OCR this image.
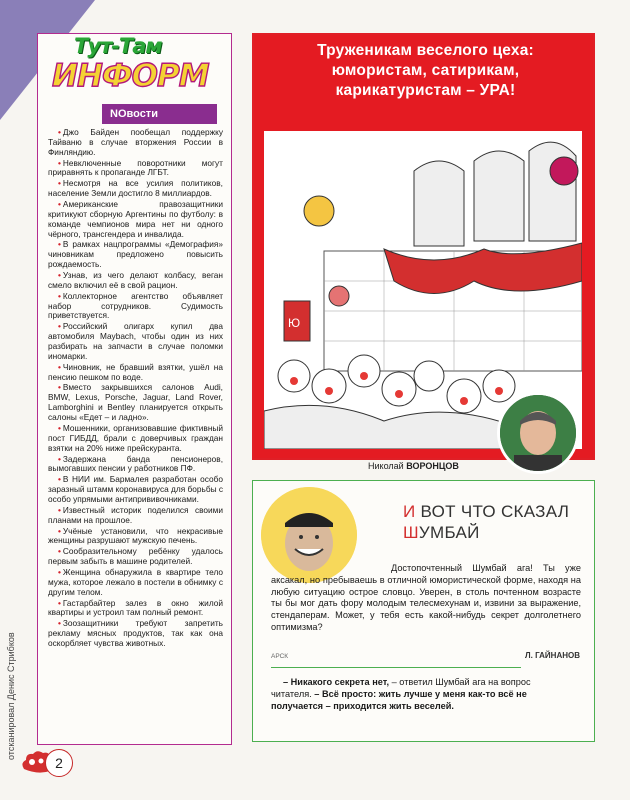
отсканировал Денис Стрибков
Тут-Там
ИНФОРМ
NOвости

• Джо Байден пообещал поддержку Тайваню в случае вторжения России в Финляндию.

• Невключенные поворотники могут приравнять к пропаганде ЛГБТ.

• Несмотря на все усилия политиков, население Земли достигло 8 миллиардов.

• Американские правозащитники критикуют сборную Аргентины по футболу: в команде чемпионов мира нет ни одного чёрного, трансгендера и инвалида.

• В рамках нацпрограммы «Демография» чиновникам предложено повысить рождаемость.

• Узнав, из чего делают колбасу, веган смело включил её в свой рацион.

• Коллекторное агентство объявляет набор сотрудников. Судимость приветствуется.

• Российский олигарх купил два автомобиля Maybach, чтобы один из них разбирать на запчасти в случае поломки иномарки.

• Чиновник, не бравший взятки, ушёл на пенсию пешком по воде.

• Вместо закрывшихся салонов Audi, BMW, Lexus, Porsche, Jaguar, Land Rover, Lamborghini и Bentley планируется открыть салоны «Едет – и ладно».

• Мошенники, организовавшие фиктивный пост ГИБДД, брали с доверчивых граждан взятки на 20% ниже прейскуранта.

• Задержана банда пенсионеров, вымогавших пенсии у работников ПФ.

• В НИИ им. Бармалея разработан особо заразный штамм коронавируса для борьбы с особо упрямыми антипрививочниками.

• Известный историк поделился своими планами на прошлое.

• Учёные установили, что некрасивые женщины разрушают мужскую печень.

• Сообразительному ребёнку удалось первым забыть в машине родителей.

• Женщина обнаружила в квартире тело мужа, которое лежало в постели в обнимку с другим телом.

• Гастарбайтер залез в окно жилой квартиры и устроил там полный ремонт.

• Зоозащитники требуют запретить рекламу мясных продуктов, так как она оскорбляет чувства животных.

2
Труженикам веселого цеха:
юмористам, сатирикам,
карикатуристам – УРА!
Ю
Николай ВОРОНЦОВ
И ВОТ ЧТО СКАЗАЛ
ШУМБАЙ
Достопочтенный Шумбай ага! Ты уже аксакал, но пребываешь в отличной юмористической форме, находя на любую ситуацию острое словцо. Уверен, в столь почтенном возрасте ты бы мог дать фору молодым телесмехунам и, извини за выражение, стендаперам. Может, у тебя есть какой-нибудь секрет долголетнего оптимизма?
АРСК	Л. ГАЙНАНОВ
– Никакого секрета нет, – ответил Шумбай ага на вопрос читателя. – Всё просто: жить лучше у меня как-то всё не получается – приходится жить веселей.
